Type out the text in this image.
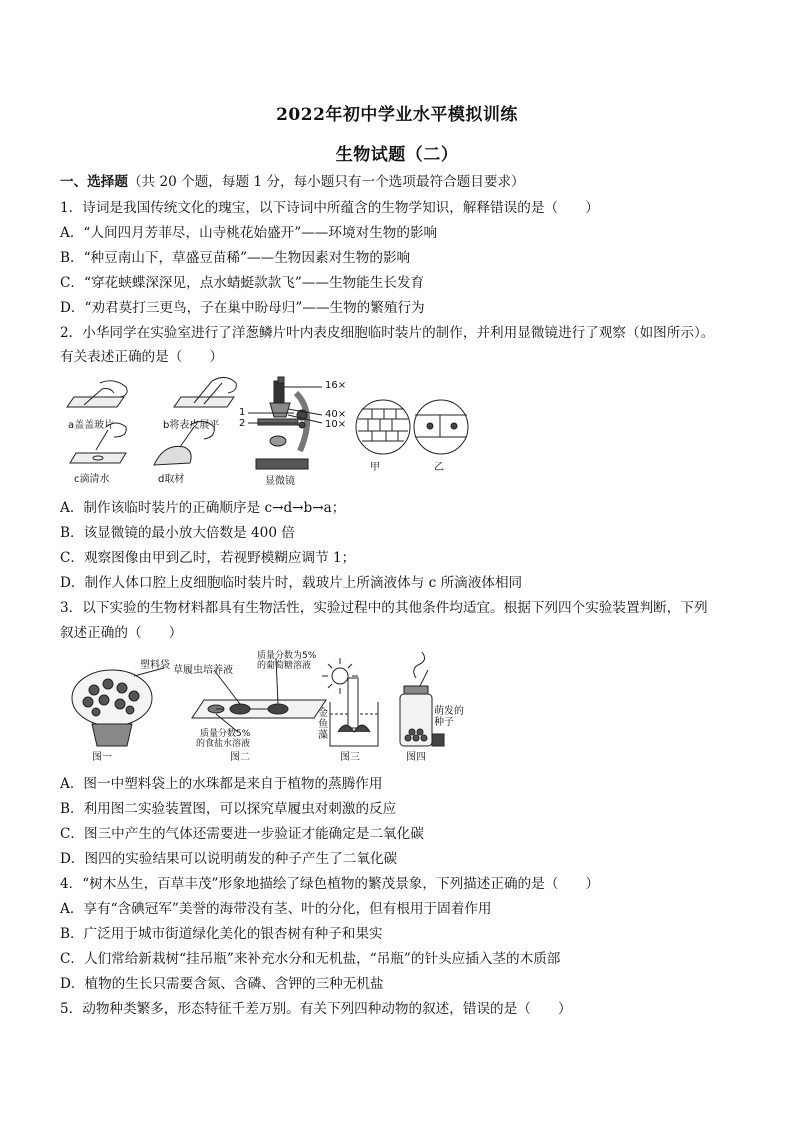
2022年初中学业水平模拟训练
生物试题（二）
一、选择题（共 20 个题，每题 1 分，每小题只有一个选项最符合题目要求）
1．诗词是我国传统文化的瑰宝，以下诗词中所蕴含的生物学知识，解释错误的是（　　）
A．“人间四月芳菲尽，山寺桃花始盛开”——环境对生物的影响
B．“种豆南山下，草盛豆苗稀”——生物因素对生物的影响
C．“穿花蛱蝶深深见，点水蜻蜓款款飞”——生物能生长发育
D．“劝君莫打三更鸟，子在巢中盼母归”——生物的繁殖行为
2．小华同学在实验室进行了洋葱鳞片叶内表皮细胞临时装片的制作，并利用显微镜进行了观察（如图所示）。
有关表述正确的是（　　）
a盖盖玻片	b将表皮展平
c滴清水	d取材
1
2
16×
40×
10×
显微镜
甲	乙
A．制作该临时装片的正确顺序是 c→d→b→a；
B．该显微镜的最小放大倍数是 400 倍
C．观察图像由甲到乙时，若视野模糊应调节 1；
D．制作人体口腔上皮细胞临时装片时，载玻片上所滴液体与 c 所滴液体相同
3．以下实验的生物材料都具有生物活性，实验过程中的其他条件均适宜。根据下列四个实验装置判断，下列
叙述正确的（　　）
塑料袋 草履虫培养液
质量分数为5%
的葡萄糖溶液
质量分数5%
的食盐水溶液
金
鱼
藻
萌发的
种子
图一	图二	图三	图四
A．图一中塑料袋上的水珠都是来自于植物的蒸腾作用
B．利用图二实验装置图，可以探究草履虫对刺激的反应
C．图三中产生的气体还需要进一步验证才能确定是二氧化碳
D．图四的实验结果可以说明萌发的种子产生了二氧化碳
4．“树木丛生，百草丰茂”形象地描绘了绿色植物的繁茂景象，下列描述正确的是（　　）
A．享有“含碘冠军”美誉的海带没有茎、叶的分化，但有根用于固着作用
B．广泛用于城市街道绿化美化的银杏树有种子和果实
C．人们常给新栽树“挂吊瓶”来补充水分和无机盐，“吊瓶”的针头应插入茎的木质部
D．植物的生长只需要含氮、含磷、含钾的三种无机盐
5．动物种类繁多，形态特征千差万别。有关下列四种动物的叙述，错误的是（　　）
